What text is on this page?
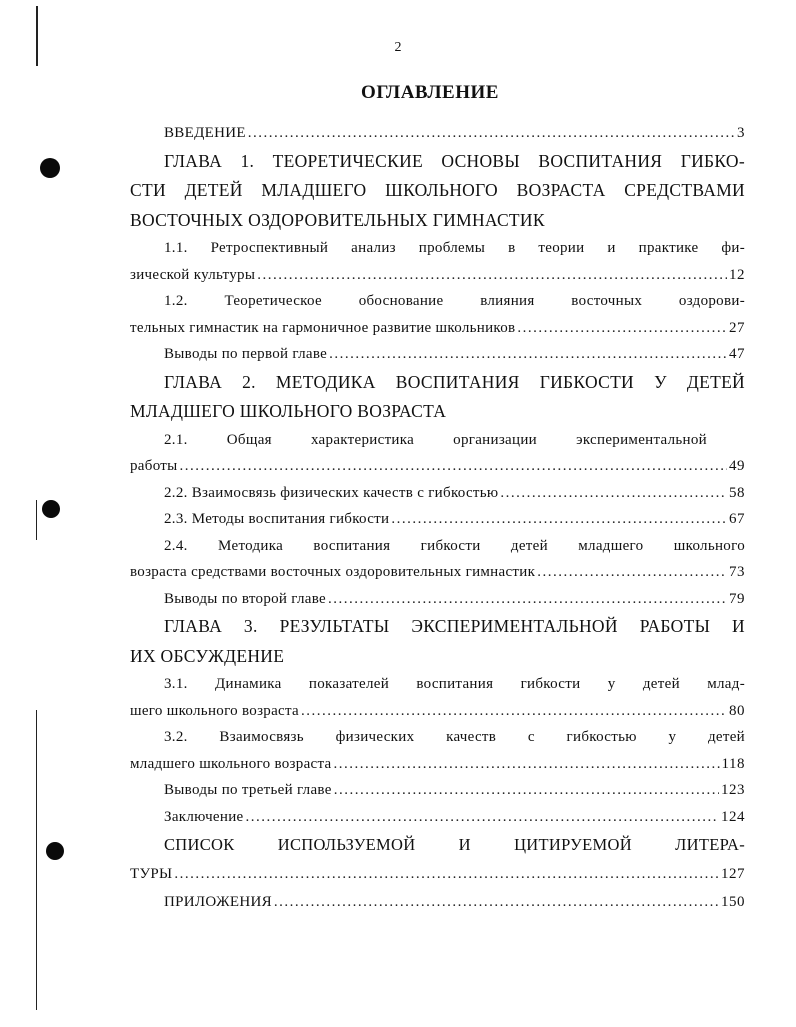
2
ОГЛАВЛЕНИЕ
ВВЕДЕНИЕ .....	3
ГЛАВА 1. ТЕОРЕТИЧЕСКИЕ ОСНОВЫ ВОСПИТАНИЯ ГИБКО-
СТИ ДЕТЕЙ МЛАДШЕГО ШКОЛЬНОГО ВОЗРАСТА СРЕДСТВАМИ
ВОСТОЧНЫХ ОЗДОРОВИТЕЛЬНЫХ ГИМНАСТИК
1.1. Ретроспективный анализ проблемы в теории и практике фи-
зической культуры .....	12
1.2. Теоретическое обоснование влияния восточных оздорови-
тельных гимнастик на гармоничное развитие школьников .....	27
Выводы по первой главе .....	47
ГЛАВА 2. МЕТОДИКА ВОСПИТАНИЯ ГИБКОСТИ У ДЕТЕЙ
МЛАДШЕГО ШКОЛЬНОГО ВОЗРАСТА
2.1. Общая характеристика организации экспериментальной
работы .....	49
2.2. Взаимосвязь физических качеств с гибкостью .....	58
2.3. Методы воспитания гибкости .....	67
2.4. Методика воспитания гибкости детей младшего школьного
возраста средствами восточных оздоровительных гимнастик .....	73
Выводы по второй главе .....	79
ГЛАВА 3. РЕЗУЛЬТАТЫ ЭКСПЕРИМЕНТАЛЬНОЙ РАБОТЫ И
ИХ ОБСУЖДЕНИЕ
3.1. Динамика показателей воспитания гибкости у детей млад-
шего школьного возраста .....	80
3.2. Взаимосвязь физических качеств с гибкостью у детей
младшего школьного возраста .....	118
Выводы по третьей главе .....	123
Заключение .....	124
СПИСОК ИСПОЛЬЗУЕМОЙ И ЦИТИРУЕМОЙ ЛИТЕРА-
ТУРЫ .....	127
ПРИЛОЖЕНИЯ .....	150
